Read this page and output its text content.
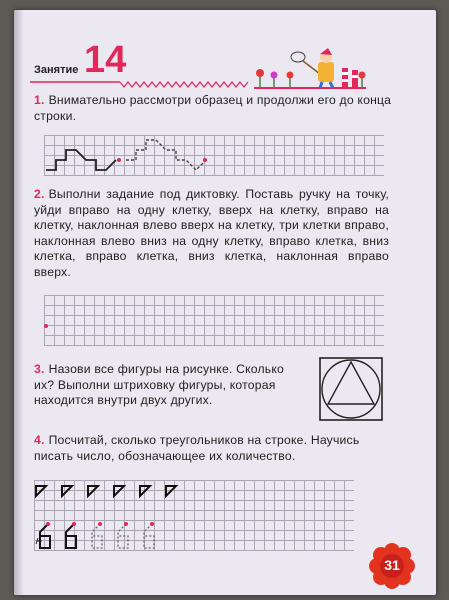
Занятие 14
1. Внимательно рассмотри образец и продолжи его до конца строки.
2. Выполни задание под диктовку. Поставь ручку на точку, уйди вправо на одну клетку, вверх на клетку, вправо на клетку, наклонная влево вверх на клетку, три клетки вправо, наклонная влево вниз на одну клетку, вправо клетка, вниз клетка, вправо клетка, вниз клетка, наклонная вправо вверх.
3. Назови все фигуры на рисунке. Сколько их? Выполни штриховку фигуры, которая находится внутри двух других.
4. Посчитай, сколько треугольников на строке. Научись писать число, обозначающее их количество.
31
